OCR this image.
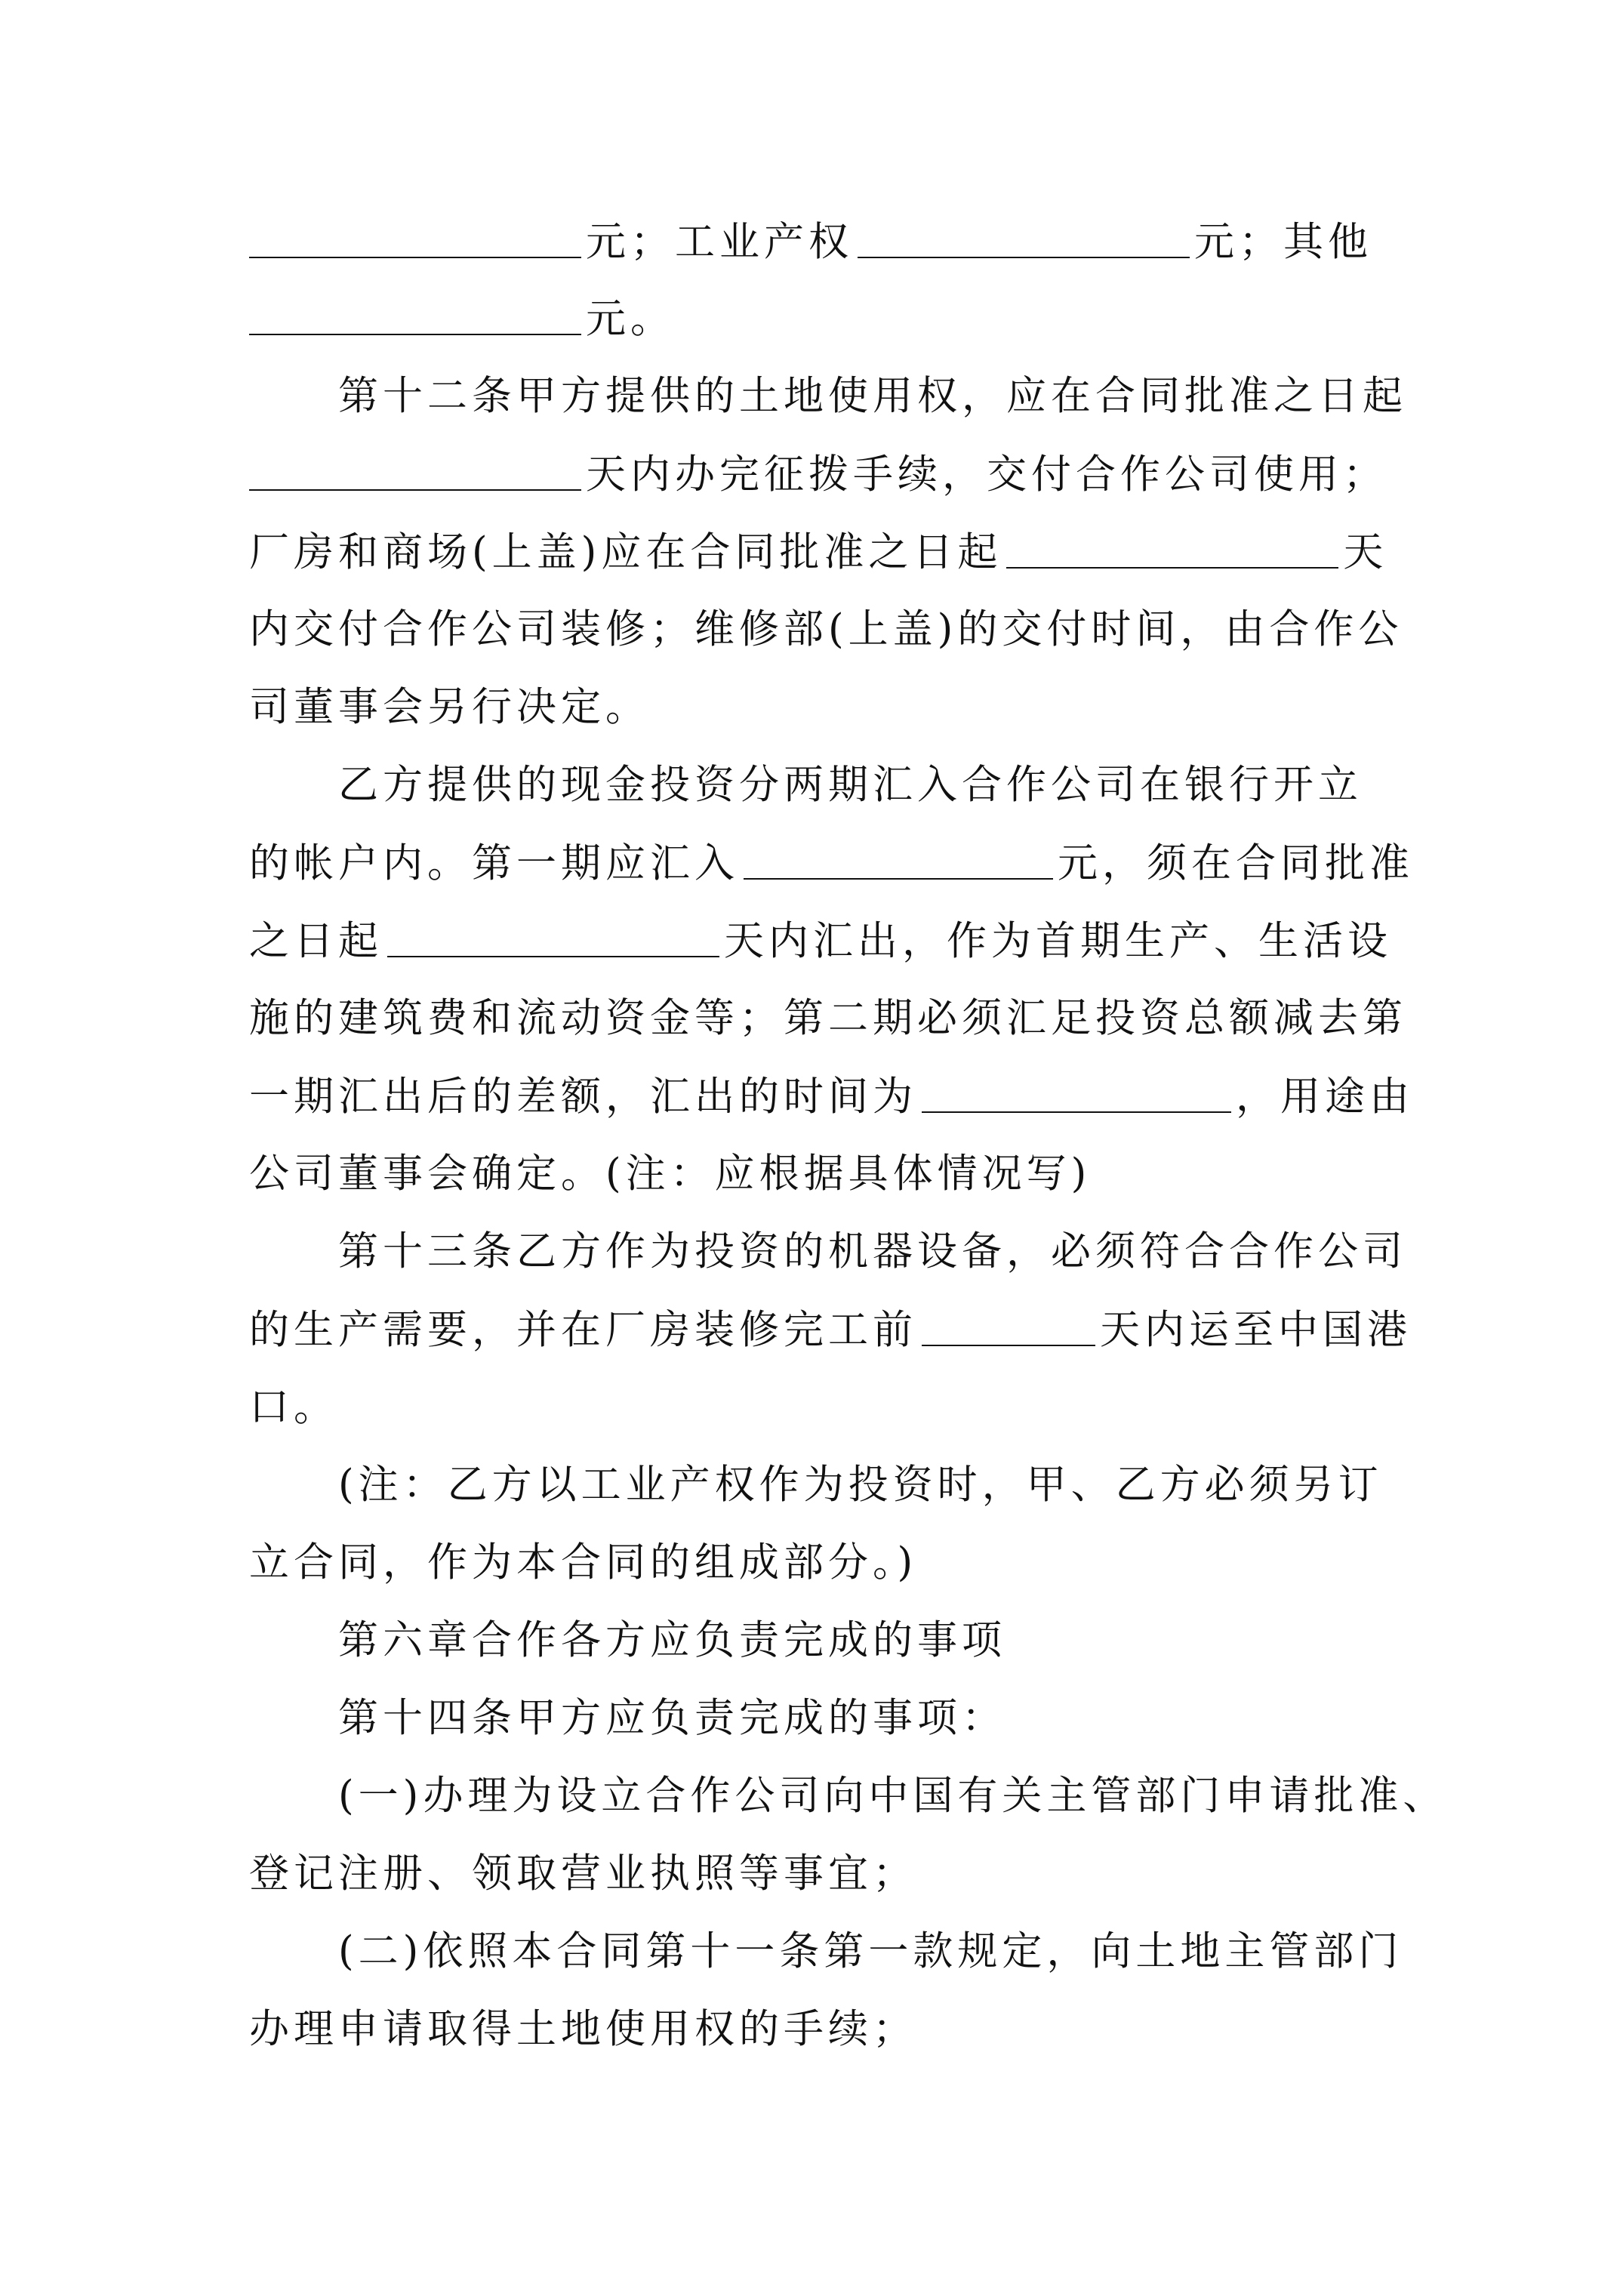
元；工业产权	元；其他
元。
第十二条甲方提供的土地使用权，应在合同批准之日起
天内办完征拨手续，交付合作公司使用；
厂房和商场(上盖)应在合同批准之日起	天
内交付合作公司装修；维修部(上盖)的交付时间，由合作公
司董事会另行决定。
乙方提供的现金投资分两期汇入合作公司在银行开立
的帐户内。第一期应汇入	元，须在合同批准
之日起	天内汇出，作为首期生产、生活设
施的建筑费和流动资金等；第二期必须汇足投资总额减去第
一期汇出后的差额，汇出的时间为	，用途由
公司董事会确定。(注：应根据具体情况写)
第十三条乙方作为投资的机器设备，必须符合合作公司
的生产需要，并在厂房装修完工前	天内运至中国港
口。
(注：乙方以工业产权作为投资时，甲、乙方必须另订
立合同，作为本合同的组成部分。)
第六章合作各方应负责完成的事项
第十四条甲方应负责完成的事项：
(一)办理为设立合作公司向中国有关主管部门申请批准、
登记注册、领取营业执照等事宜；
(二)依照本合同第十一条第一款规定，向土地主管部门
办理申请取得土地使用权的手续；
